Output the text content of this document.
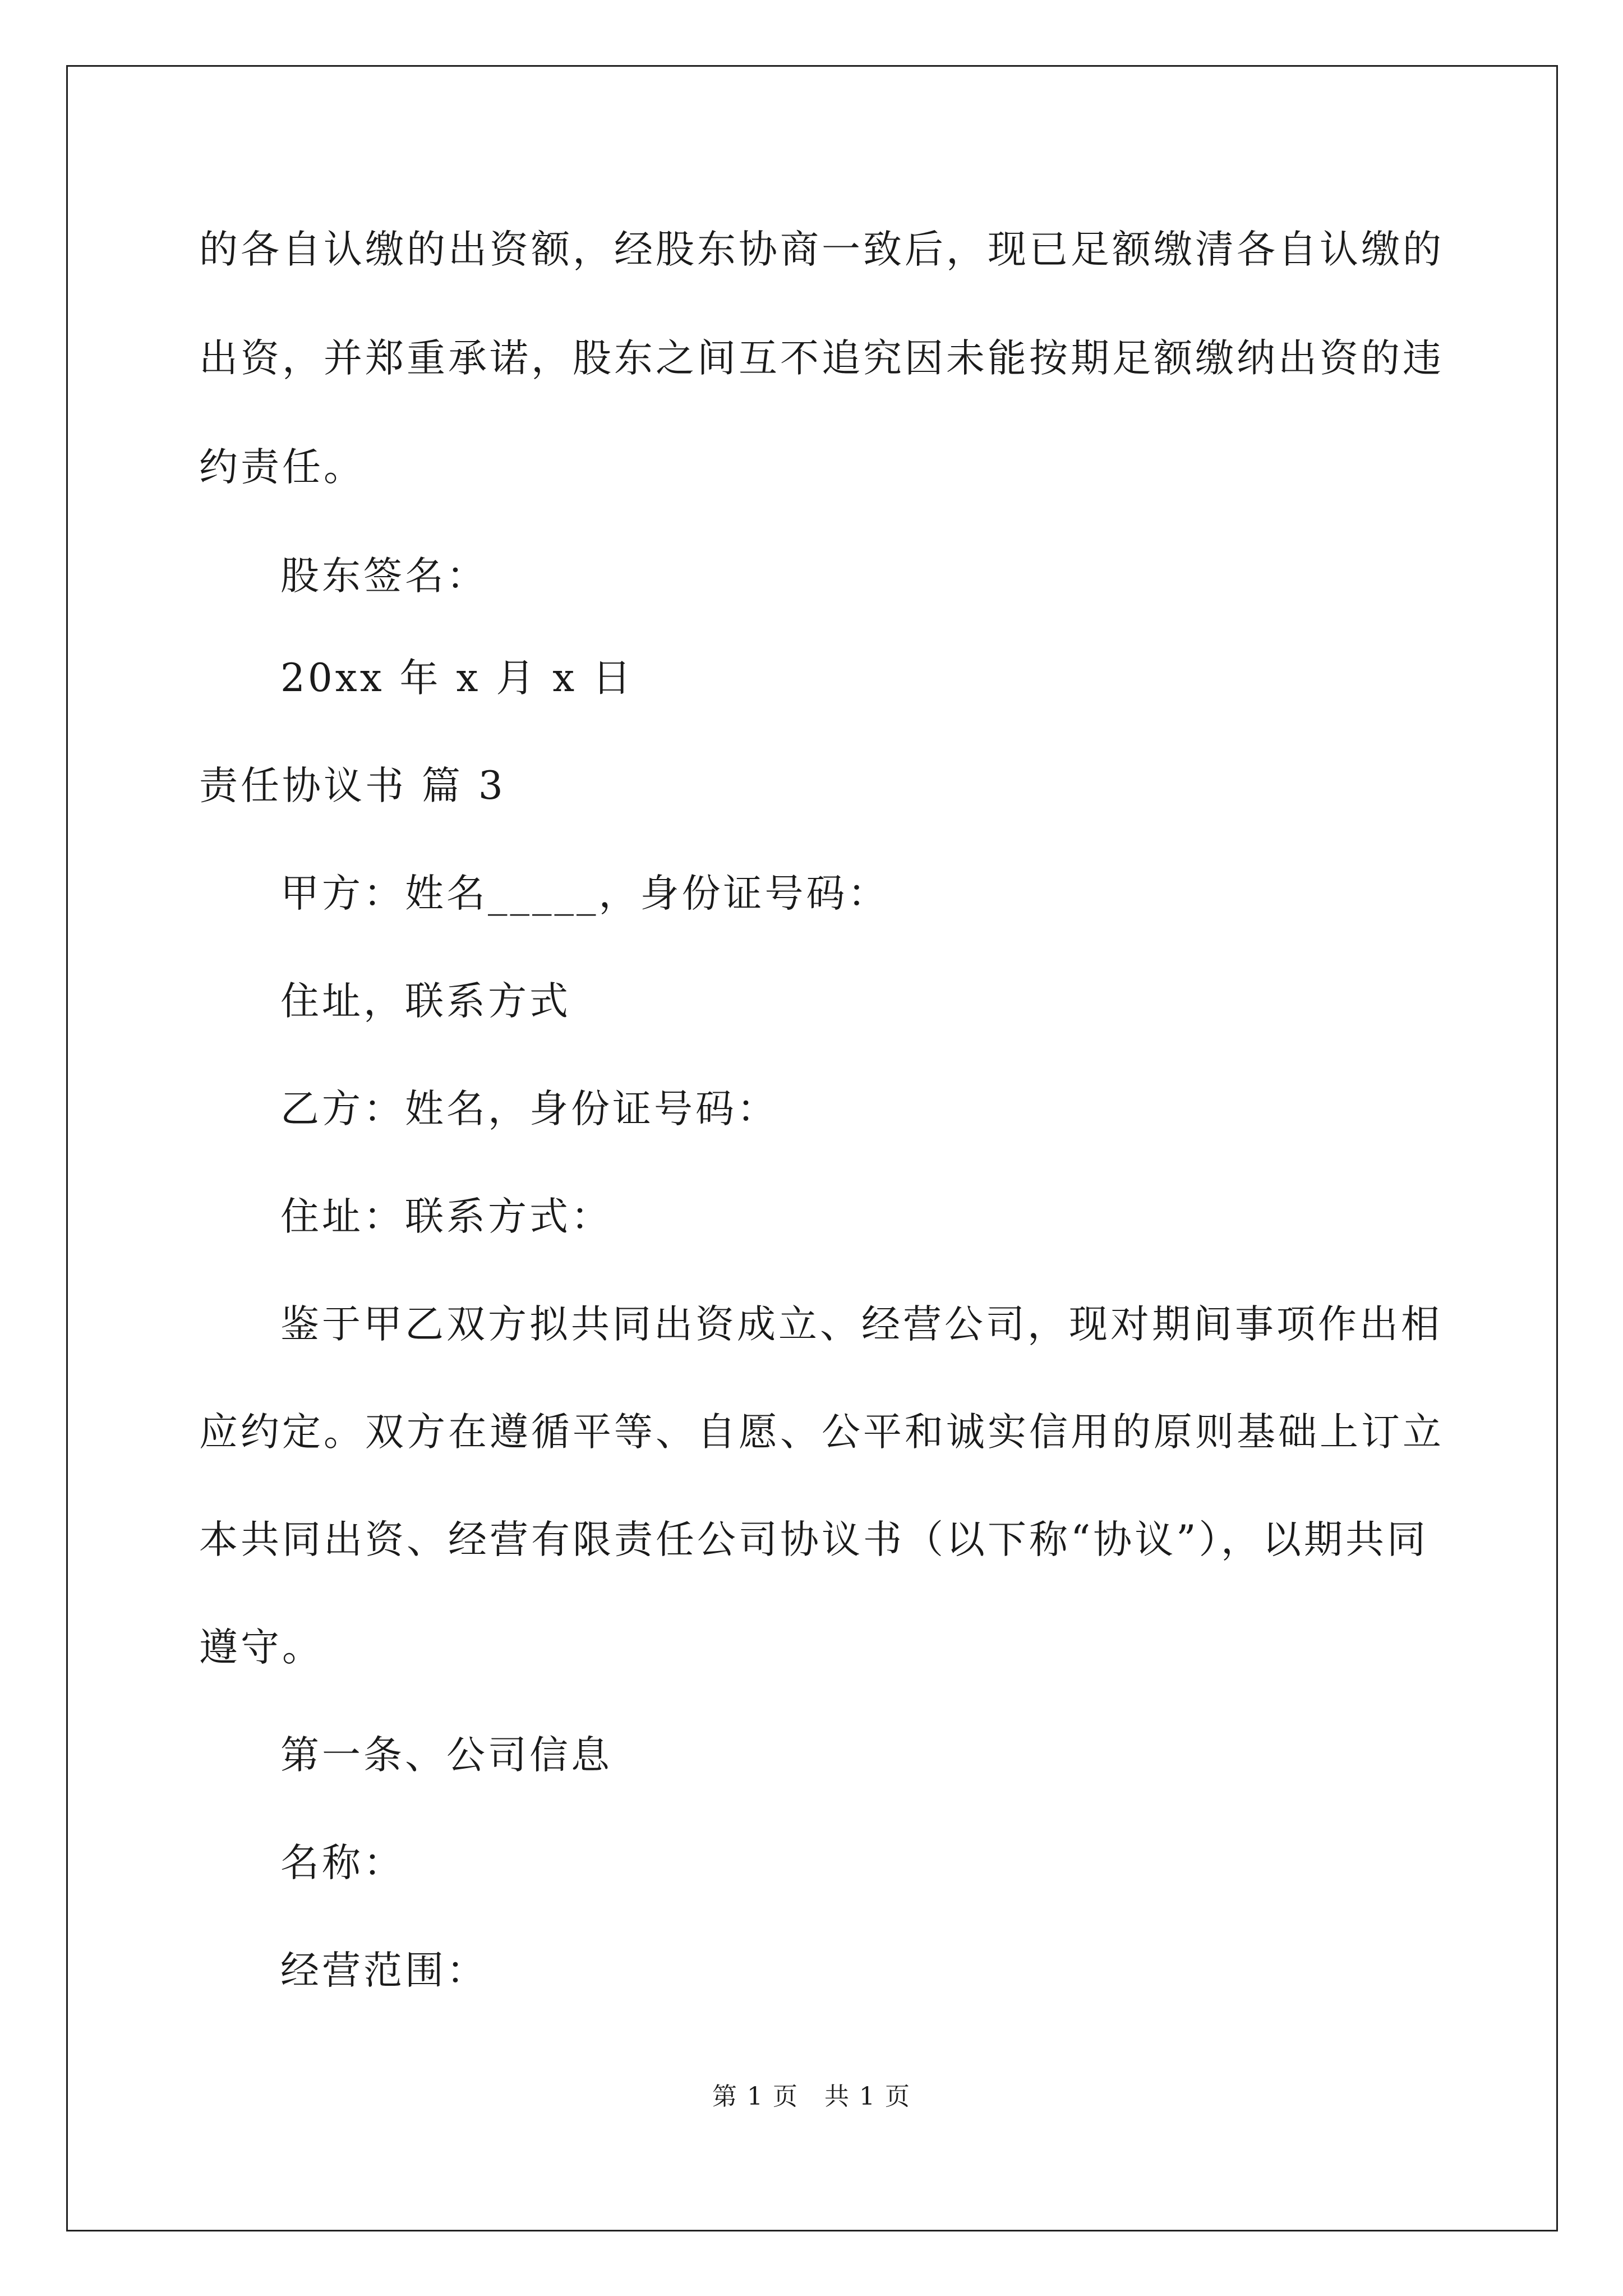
的各自认缴的出资额，经股东协商一致后，现已足额缴清各自认缴的
出资，并郑重承诺，股东之间互不追究因未能按期足额缴纳出资的违
约责任。
股东签名：
20xx 年 x 月 x 日
责任协议书 篇 3
甲方：姓名_____，身份证号码：
住址，联系方式
乙方：姓名，身份证号码：
住址：联系方式：
鉴于甲乙双方拟共同出资成立、经营公司，现对期间事项作出相
应约定。双方在遵循平等、自愿、公平和诚实信用的原则基础上订立
本共同出资、经营有限责任公司协议书（以下称“协议”），以期共同
遵守。
第一条、公司信息
名称：
经营范围：
第 1 页　共 1 页
